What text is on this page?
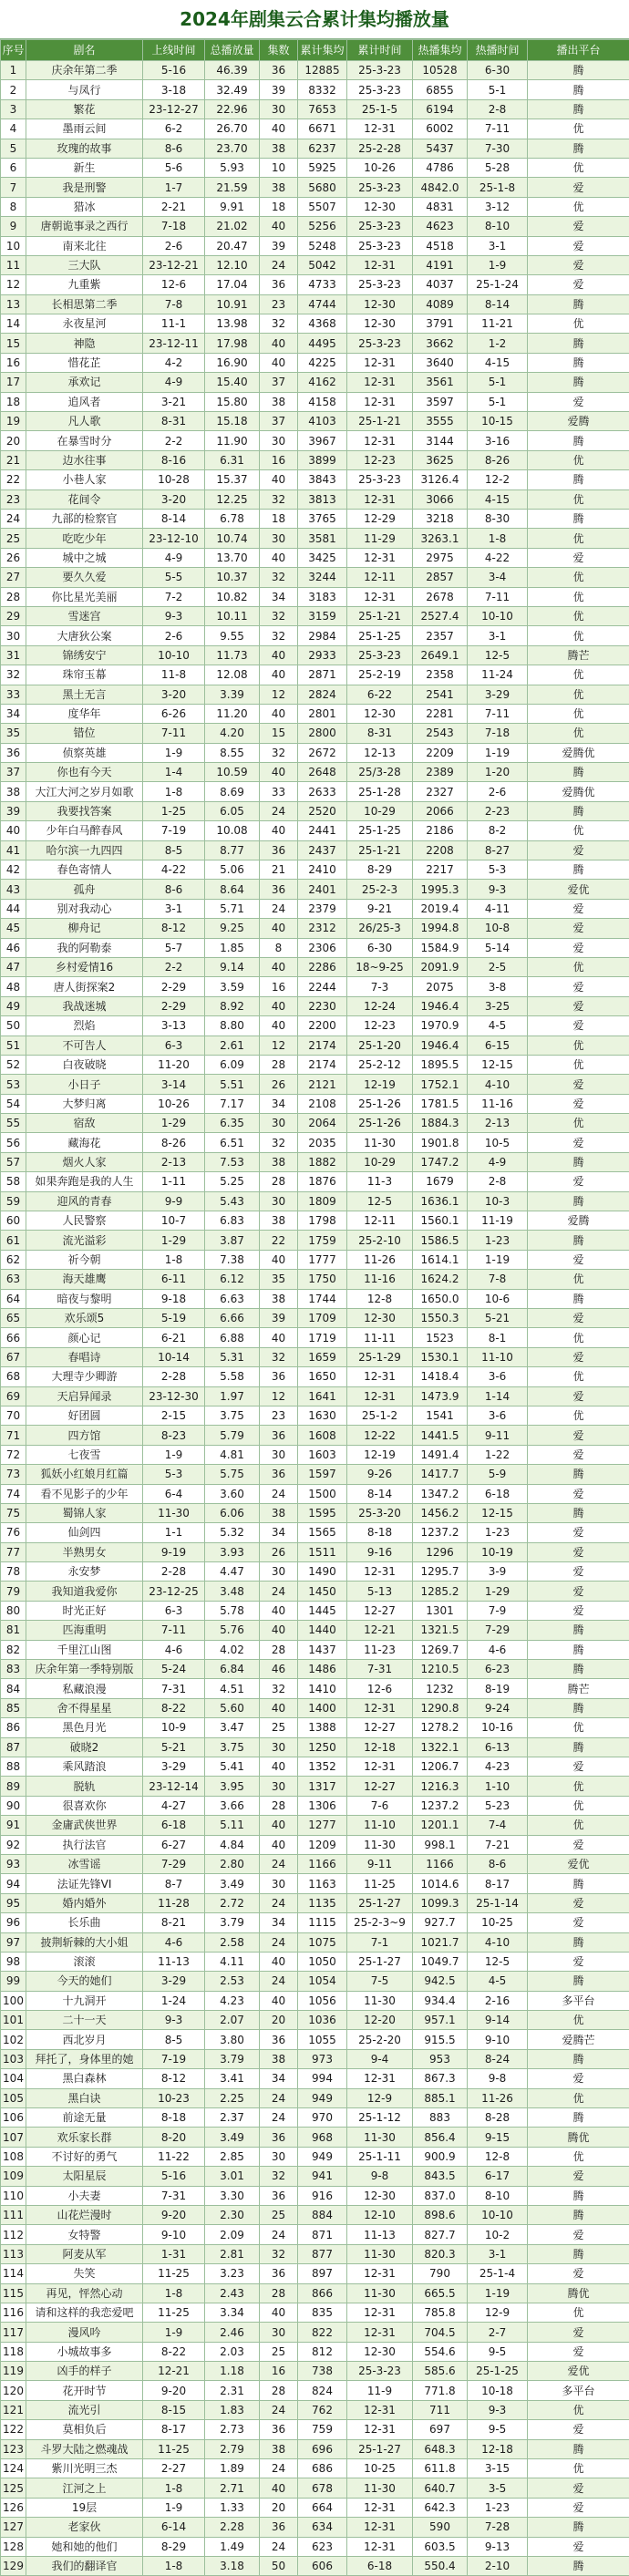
2024年剧集云合累计集均播放量
序号	剧名	上线时间	总播放量	集数	累计集均	累计时间	热播集均	热播时间	播出平台
1	庆余年第二季	5-16	46.39	36	12885	25-3-23	10528	6-30	腾
2	与凤行	3-18	32.49	39	8332	25-3-23	6855	5-1	腾
3	繁花	23-12-27	22.96	30	7653	25-1-5	6194	2-8	腾
4	墨雨云间	6-2	26.70	40	6671	12-31	6002	7-11	优
5	玫瑰的故事	8-6	23.70	38	6237	25-2-28	5437	7-30	腾
6	新生	5-6	5.93	10	5925	10-26	4786	5-28	优
7	我是刑警	1-7	21.59	38	5680	25-3-23	4842.0	25-1-8	爱
8	猎冰	2-21	9.91	18	5507	12-30	4831	3-12	优
9	唐朝诡事录之西行	7-18	21.02	40	5256	25-3-23	4623	8-10	爱
10	南来北往	2-6	20.47	39	5248	25-3-23	4518	3-1	爱
11	三大队	23-12-21	12.10	24	5042	12-31	4191	1-9	爱
12	九重紫	12-6	17.04	36	4733	25-3-23	4037	25-1-24	爱
13	长相思第二季	7-8	10.91	23	4744	12-30	4089	8-14	腾
14	永夜星河	11-1	13.98	32	4368	12-30	3791	11-21	优
15	神隐	23-12-11	17.98	40	4495	25-3-23	3662	1-2	腾
16	惜花芷	4-2	16.90	40	4225	12-31	3640	4-15	腾
17	承欢记	4-9	15.40	37	4162	12-31	3561	5-1	腾
18	追风者	3-21	15.80	38	4158	12-31	3597	5-1	爱
19	凡人歌	8-31	15.18	37	4103	25-1-21	3555	10-15	爱腾
20	在暴雪时分	2-2	11.90	30	3967	12-31	3144	3-16	腾
21	边水往事	8-16	6.31	16	3899	12-23	3625	8-26	优
22	小巷人家	10-28	15.37	40	3843	25-3-23	3126.4	12-2	腾
23	花间令	3-20	12.25	32	3813	12-31	3066	4-15	优
24	九部的检察官	8-14	6.78	18	3765	12-29	3218	8-30	腾
25	吃吃少年	23-12-10	10.74	30	3581	11-29	3263.1	1-8	优
26	城中之城	4-9	13.70	40	3425	12-31	2975	4-22	爱
27	要久久爱	5-5	10.37	32	3244	12-11	2857	3-4	优
28	你比星光美丽	7-2	10.82	34	3183	12-31	2678	7-11	优
29	雪迷宫	9-3	10.11	32	3159	25-1-21	2527.4	10-10	优
30	大唐狄公案	2-6	9.55	32	2984	25-1-25	2357	3-1	优
31	锦绣安宁	10-10	11.73	40	2933	25-3-23	2649.1	12-5	腾芒
32	珠帘玉幕	11-8	12.08	40	2871	25-2-19	2358	11-24	优
33	黑土无言	3-20	3.39	12	2824	6-22	2541	3-29	优
34	度华年	6-26	11.20	40	2801	12-30	2281	7-11	优
35	错位	7-11	4.20	15	2800	8-31	2543	7-18	优
36	侦察英雄	1-9	8.55	32	2672	12-13	2209	1-19	爱腾优
37	你也有今天	1-4	10.59	40	2648	25/3-28	2389	1-20	腾
38	大江大河之岁月如歌	1-8	8.69	33	2633	25-1-28	2327	2-6	爱腾优
39	我要找答案	1-25	6.05	24	2520	10-29	2066	2-23	腾
40	少年白马醉春风	7-19	10.08	40	2441	25-1-25	2186	8-2	优
41	哈尔滨一九四四	8-5	8.77	36	2437	25-1-21	2208	8-27	爱
42	春色寄情人	4-22	5.06	21	2410	8-29	2217	5-3	腾
43	孤舟	8-6	8.64	36	2401	25-2-3	1995.3	9-3	爱优
44	别对我动心	3-1	5.71	24	2379	9-21	2019.4	4-11	爱
45	柳舟记	8-12	9.25	40	2312	26/25-3	1994.8	10-8	爱
46	我的阿勒泰	5-7	1.85	8	2306	6-30	1584.9	5-14	爱
47	乡村爱情16	2-2	9.14	40	2286	18~9-25	2091.9	2-5	优
48	唐人街探案2	2-29	3.59	16	2244	7-3	2075	3-8	爱
49	我战迷城	2-29	8.92	40	2230	12-24	1946.4	3-25	爱
50	烈焰	3-13	8.80	40	2200	12-23	1970.9	4-5	爱
51	不可告人	6-3	2.61	12	2174	25-1-20	1946.4	6-15	优
52	白夜破晓	11-20	6.09	28	2174	25-2-12	1895.5	12-15	优
53	小日子	3-14	5.51	26	2121	12-19	1752.1	4-10	爱
54	大梦归离	10-26	7.17	34	2108	25-1-26	1781.5	11-16	爱
55	宿敌	1-29	6.35	30	2064	25-1-26	1884.3	2-13	优
56	藏海花	8-26	6.51	32	2035	11-30	1901.8	10-5	爱
57	烟火人家	2-13	7.53	38	1882	10-29	1747.2	4-9	腾
58	如果奔跑是我的人生	1-11	5.25	28	1876	11-3	1679	2-8	爱
59	迎风的青春	9-9	5.43	30	1809	12-5	1636.1	10-3	腾
60	人民警察	10-7	6.83	38	1798	12-11	1560.1	11-19	爱腾
61	流光溢彩	1-29	3.87	22	1759	25-2-10	1586.5	1-23	腾
62	祈今朝	1-8	7.38	40	1777	11-26	1614.1	1-19	爱
63	海天雄鹰	6-11	6.12	35	1750	11-16	1624.2	7-8	优
64	暗夜与黎明	9-18	6.63	38	1744	12-8	1650.0	10-6	腾
65	欢乐颂5	5-19	6.66	39	1709	12-30	1550.3	5-21	爱
66	颜心记	6-21	6.88	40	1719	11-11	1523	8-1	优
67	春唱诗	10-14	5.31	32	1659	25-1-29	1530.1	11-10	爱
68	大理寺少卿游	2-28	5.58	36	1650	12-31	1418.4	3-6	优
69	天启异闻录	23-12-30	1.97	12	1641	12-31	1473.9	1-14	爱
70	好团圆	2-15	3.75	23	1630	25-1-2	1541	3-6	优
71	四方馆	8-23	5.79	36	1608	12-22	1441.5	9-11	爱
72	七夜雪	1-9	4.81	30	1603	12-19	1491.4	1-22	爱
73	狐妖小红娘月红篇	5-3	5.75	36	1597	9-26	1417.7	5-9	腾
74	看不见影子的少年	6-4	3.60	24	1500	8-14	1347.2	6-18	爱
75	蜀锦人家	11-30	6.06	38	1595	25-3-20	1456.2	12-15	腾
76	仙剑四	1-1	5.32	34	1565	8-18	1237.2	1-23	爱
77	半熟男女	9-19	3.93	26	1511	9-16	1296	10-19	爱
78	永安梦	2-28	4.47	30	1490	12-31	1295.7	3-9	爱
79	我知道我爱你	23-12-25	3.48	24	1450	5-13	1285.2	1-29	爱
80	时光正好	6-3	5.78	40	1445	12-27	1301	7-9	爱
81	匹海重明	7-11	5.76	40	1440	12-21	1321.5	7-29	腾
82	千里江山图	4-6	4.02	28	1437	11-23	1269.7	4-6	腾
83	庆余年第一季特别版	5-24	6.84	46	1486	7-31	1210.5	6-23	腾
84	私藏浪漫	7-31	4.51	32	1410	12-6	1232	8-19	腾芒
85	舍不得星星	8-22	5.60	40	1400	12-31	1290.8	9-24	腾
86	黑色月光	10-9	3.47	25	1388	12-27	1278.2	10-16	优
87	破晓2	5-21	3.75	30	1250	12-18	1322.1	6-13	腾
88	乘风踏浪	3-29	5.41	40	1352	12-31	1206.7	4-23	爱
89	脱轨	23-12-14	3.95	30	1317	12-27	1216.3	1-10	优
90	很喜欢你	4-27	3.66	28	1306	7-6	1237.2	5-23	优
91	金庸武侠世界	6-18	5.11	40	1277	11-10	1201.1	7-4	优
92	执行法官	6-27	4.84	40	1209	11-30	998.1	7-21	爱
93	冰雪谣	7-29	2.80	24	1166	9-11	1166	8-6	爱优
94	法证先锋VI	8-7	3.49	30	1163	11-25	1014.6	8-17	腾
95	婚内婚外	11-28	2.72	24	1135	25-1-27	1099.3	25-1-14	爱
96	长乐曲	8-21	3.79	34	1115	25-2-3~9	927.7	10-25	爱
97	披荆斩棘的大小姐	4-6	2.58	24	1075	7-1	1021.7	4-10	腾
98	滚滚	11-13	4.11	40	1050	25-1-27	1049.7	12-5	爱
99	今天的她们	3-29	2.53	24	1054	7-5	942.5	4-5	腾
100	十九洞开	1-24	4.23	40	1056	11-30	934.4	2-16	多平台
101	二十一天	9-3	2.07	20	1036	12-20	957.1	9-14	优
102	西北岁月	8-5	3.80	36	1055	25-2-20	915.5	9-10	爱腾芒
103	拜托了，身体里的她	7-19	3.79	38	973	9-4	953	8-24	腾
104	黑白森林	8-12	3.41	34	994	12-31	867.3	9-8	爱
105	黑白诀	10-23	2.25	24	949	12-9	885.1	11-26	优
106	前途无量	8-18	2.37	24	970	25-1-12	883	8-28	腾
107	欢乐家长群	8-20	3.49	36	968	11-30	856.4	9-15	腾优
108	不讨好的勇气	11-22	2.85	30	949	25-1-11	900.9	12-8	优
109	太阳星辰	5-16	3.01	32	941	9-8	843.5	6-17	爱
110	小夫妻	7-31	3.30	36	916	12-30	837.0	8-10	腾
111	山花烂漫时	9-20	2.30	25	884	12-10	898.6	10-10	腾
112	女特警	9-10	2.09	24	871	11-13	827.7	10-2	爱
113	阿麦从军	1-31	2.81	32	877	11-30	820.3	3-1	腾
114	失笑	11-25	3.23	36	897	12-31	790	25-1-4	爱
115	再见，怦然心动	1-8	2.43	28	866	11-30	665.5	1-19	腾优
116	请和这样的我恋爱吧	11-25	3.34	40	835	12-31	785.8	12-9	优
117	漫风吟	1-9	2.46	30	822	12-31	704.5	2-7	爱
118	小城故事多	8-22	2.03	25	812	12-30	554.6	9-5	爱
119	凶手的样子	12-21	1.18	16	738	25-3-23	585.6	25-1-25	爱优
120	花开时节	9-20	2.31	28	824	11-9	771.8	10-18	多平台
121	流光引	8-15	1.83	24	762	12-31	711	9-3	优
122	莫相负后	8-17	2.73	36	759	12-31	697	9-5	爱
123	斗罗大陆之燃魂战	11-25	2.79	38	696	25-1-27	648.3	12-18	腾
124	紫川光明三杰	2-27	1.89	24	686	10-25	611.8	3-15	优
125	江河之上	1-8	2.71	40	678	11-30	640.7	3-5	爱
126	19层	1-9	1.33	20	664	12-31	642.3	1-23	爱
127	老家伙	6-14	2.28	36	634	12-31	590	7-28	腾
128	她和她的他们	8-29	1.49	24	623	12-31	603.5	9-13	爱
129	我们的翻译官	1-8	3.18	50	606	6-18	550.4	2-10	腾
